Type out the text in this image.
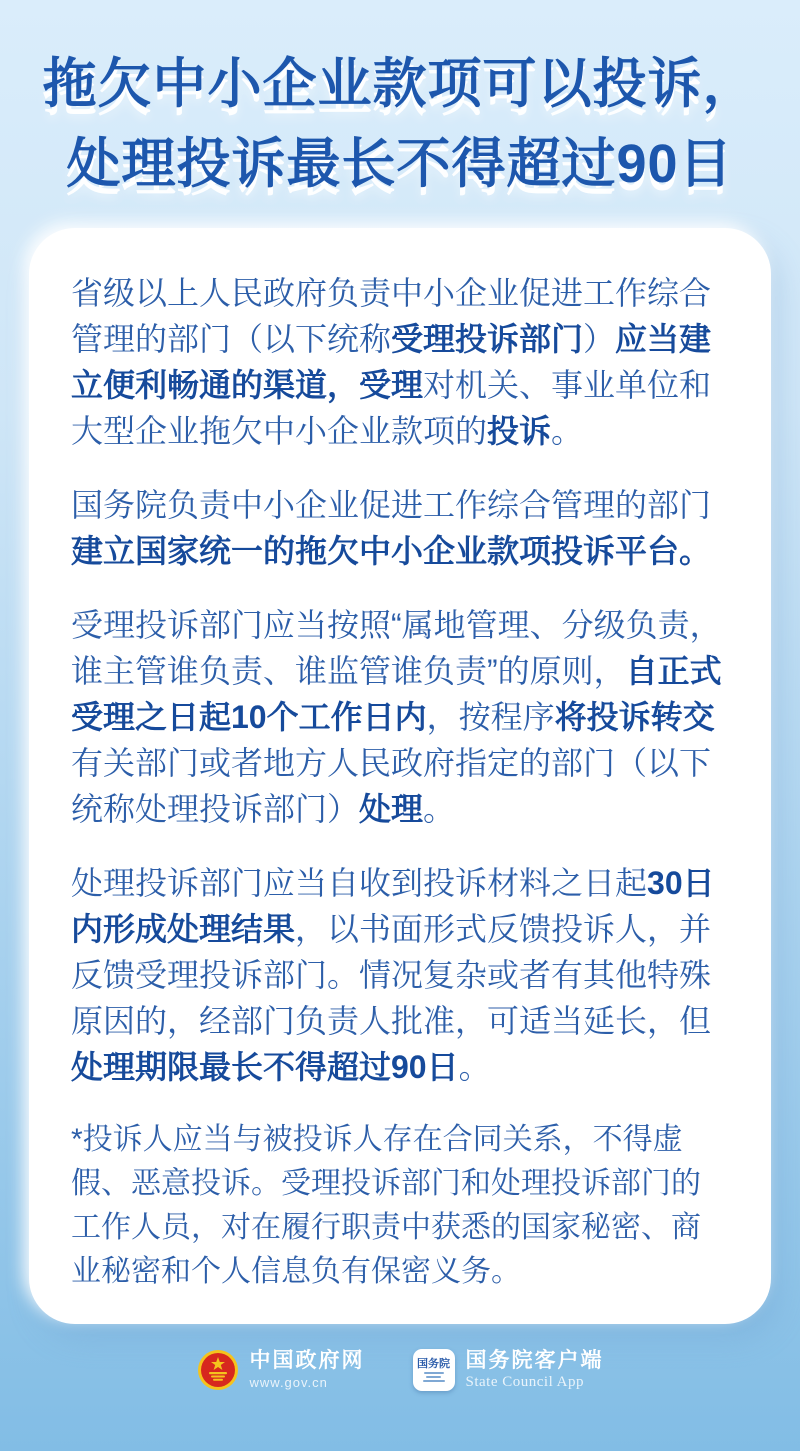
拖欠中小企业款项可以投诉，
处理投诉最长不得超过90日

省级以上人民政府负责中小企业促进工作综合管理的部门（以下统称受理投诉部门）应当建立便利畅通的渠道，受理对机关、事业单位和大型企业拖欠中小企业款项的投诉。

国务院负责中小企业促进工作综合管理的部门建立国家统一的拖欠中小企业款项投诉平台。

受理投诉部门应当按照“属地管理、分级负责，谁主管谁负责、谁监管谁负责”的原则，自正式受理之日起10个工作日内，按程序将投诉转交有关部门或者地方人民政府指定的部门（以下统称处理投诉部门）处理。

处理投诉部门应当自收到投诉材料之日起30日内形成处理结果，以书面形式反馈投诉人，并反馈受理投诉部门。情况复杂或者有其他特殊原因的，经部门负责人批准，可适当延长，但处理期限最长不得超过90日。

*投诉人应当与被投诉人存在合同关系，不得虚假、恶意投诉。受理投诉部门和处理投诉部门的工作人员，对在履行职责中获悉的国家秘密、商业秘密和个人信息负有保密义务。

中国政府网
www.gov.cn
国务院 国务院客户端
State Council App
